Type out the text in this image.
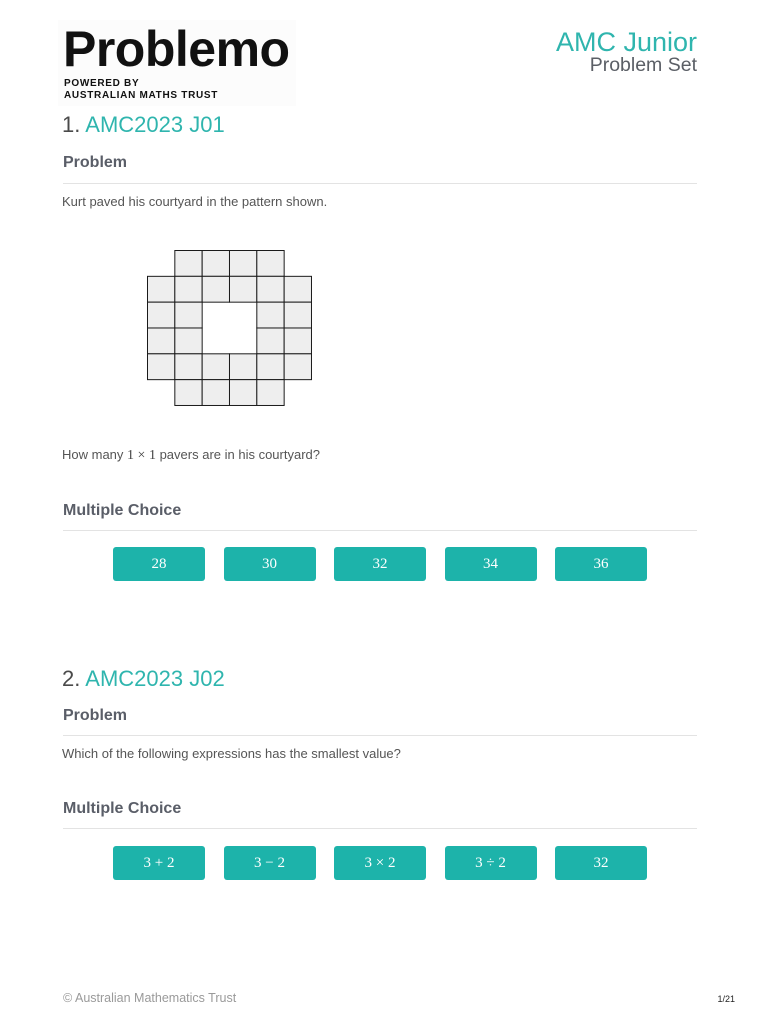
Problemo
POWERED BY
AUSTRALIAN MATHS TRUST
AMC Junior
Problem Set
1. AMC2023 J01
Problem
Kurt paved his courtyard in the pattern shown.
How many 1 × 1 pavers are in his courtyard?
Multiple Choice
28	30	32	34	36
2. AMC2023 J02
Problem
Which of the following expressions has the smallest value?
Multiple Choice
3 + 2	3 − 2	3 × 2	3 ÷ 2	32
© Australian Mathematics Trust	1/21
